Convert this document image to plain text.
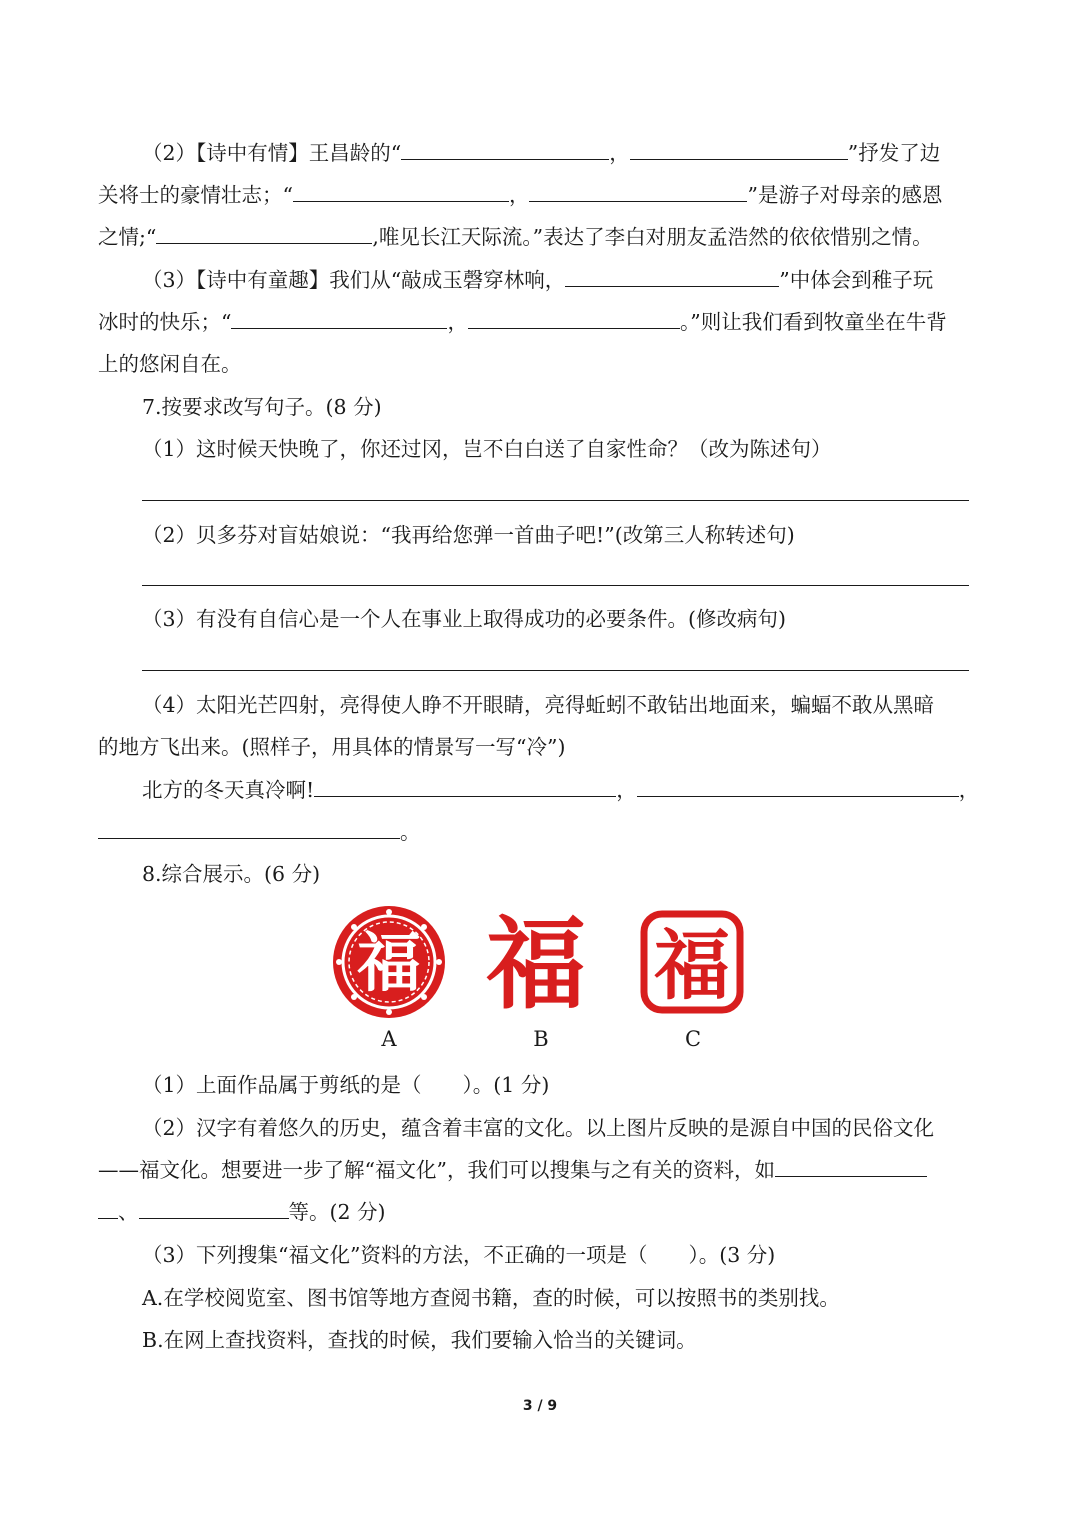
（2）【诗中有情】王昌龄的“	，	”抒发了边
关将士的豪情壮志；“	，	”是游子对母亲的感恩
之情;“	,唯见长江天际流。”表达了李白对朋友孟浩然的依依惜别之情。
（3）【诗中有童趣】我们从“敲成玉磬穿林响，	”中体会到稚子玩
冰时的快乐；“	，	。”则让我们看到牧童坐在牛背
上的悠闲自在。
7.按要求改写句子。(8 分)
（1）这时候天快晚了，你还过冈，岂不白白送了自家性命？（改为陈述句）
（2）贝多芬对盲姑娘说：“我再给您弹一首曲子吧!”(改第三人称转述句)
（3）有没有自信心是一个人在事业上取得成功的必要条件。(修改病句)
（4）太阳光芒四射，亮得使人睁不开眼睛，亮得蚯蚓不敢钻出地面来，蝙蝠不敢从黑暗
的地方飞出来。(照样子，用具体的情景写一写“冷”)
北方的冬天真冷啊!	，	，
。
8.综合展示。(6 分)
福 福 福
A	B	C
（1）上面作品属于剪纸的是（　　）。(1 分)
（2）汉字有着悠久的历史，蕴含着丰富的文化。以上图片反映的是源自中国的民俗文化
——福文化。想要进一步了解“福文化”，我们可以搜集与之有关的资料，如
、	等。(2 分)
（3）下列搜集“福文化”资料的方法，不正确的一项是（　　）。(3 分)
A.在学校阅览室、图书馆等地方查阅书籍，查的时候，可以按照书的类别找。
B.在网上查找资料，查找的时候，我们要输入恰当的关键词。
3 / 9
